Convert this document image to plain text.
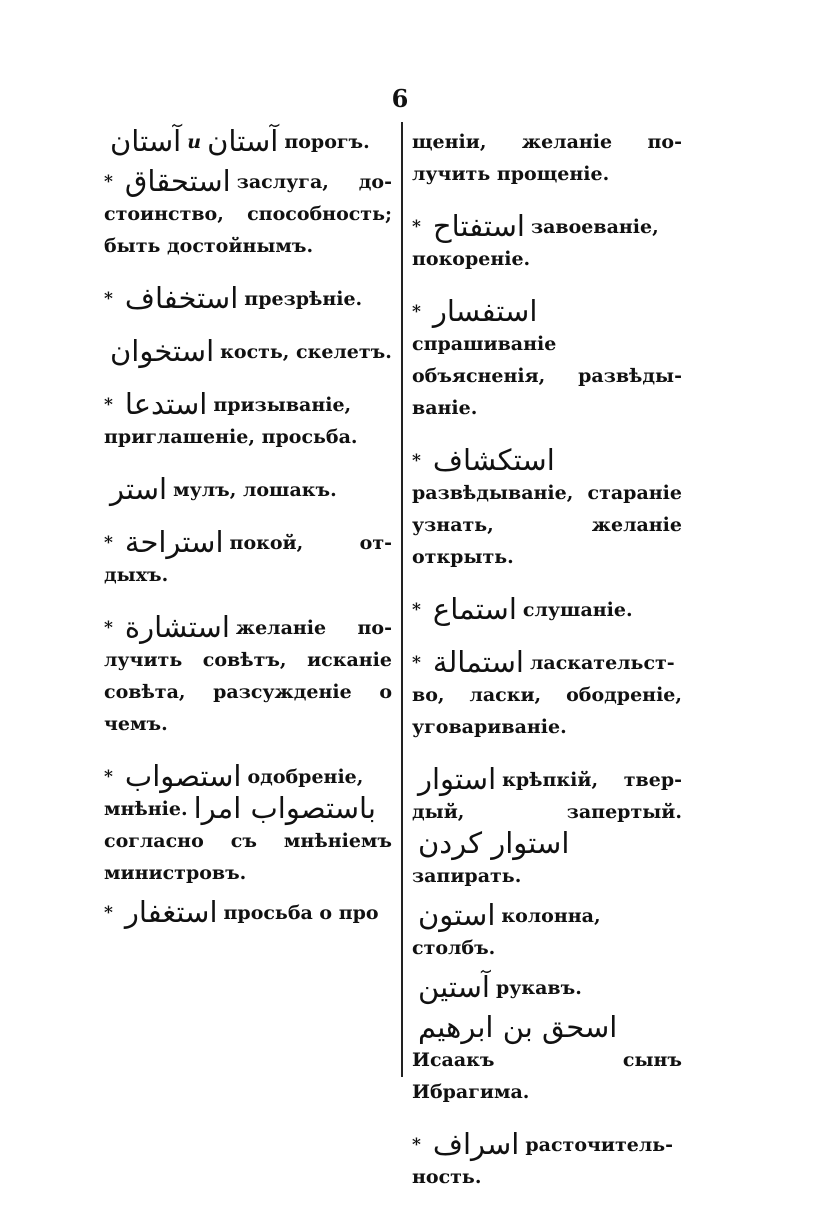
6
آستان и آستان порогъ.
* استحقاق заслуга, достоинство, способность; быть достойнымъ.
* استخفاف презрѣніе.
استخوان кость, скелетъ.
* استدعا призываніе, приглашеніе, просьба.
استر мулъ, лошакъ.
* استراحة покой, отдыхъ.
* استشارة желаніе получить совѣтъ, исканіе совѣта, разсужденіе о чемъ.
* استصواب одобреніе, мнѣніе. باستصواب امراсогласно съ мнѣніемъ министровъ.
* استغفار просьба о про
щеніи, желаніе получить прощеніе.
* استفتاح завоеваніе, покореніе.
* استفسارспрашиваніе объясненія, развѣдываніе.
* استكشافразвѣдываніе, стараніе узнать, желаніе открыть.
* استماع слушаніе.
* استمالة ласкательство, ласки, ободреніе, уговариваніе.
استوار крѣпкій, твердый, запертый.استوار کردنзапирать.
استون колонна, столбъ.
آستين рукавъ.
اسحق بن ابرهيمИсаакъ сынъ Ибрагима.
* اسراف расточительность.
